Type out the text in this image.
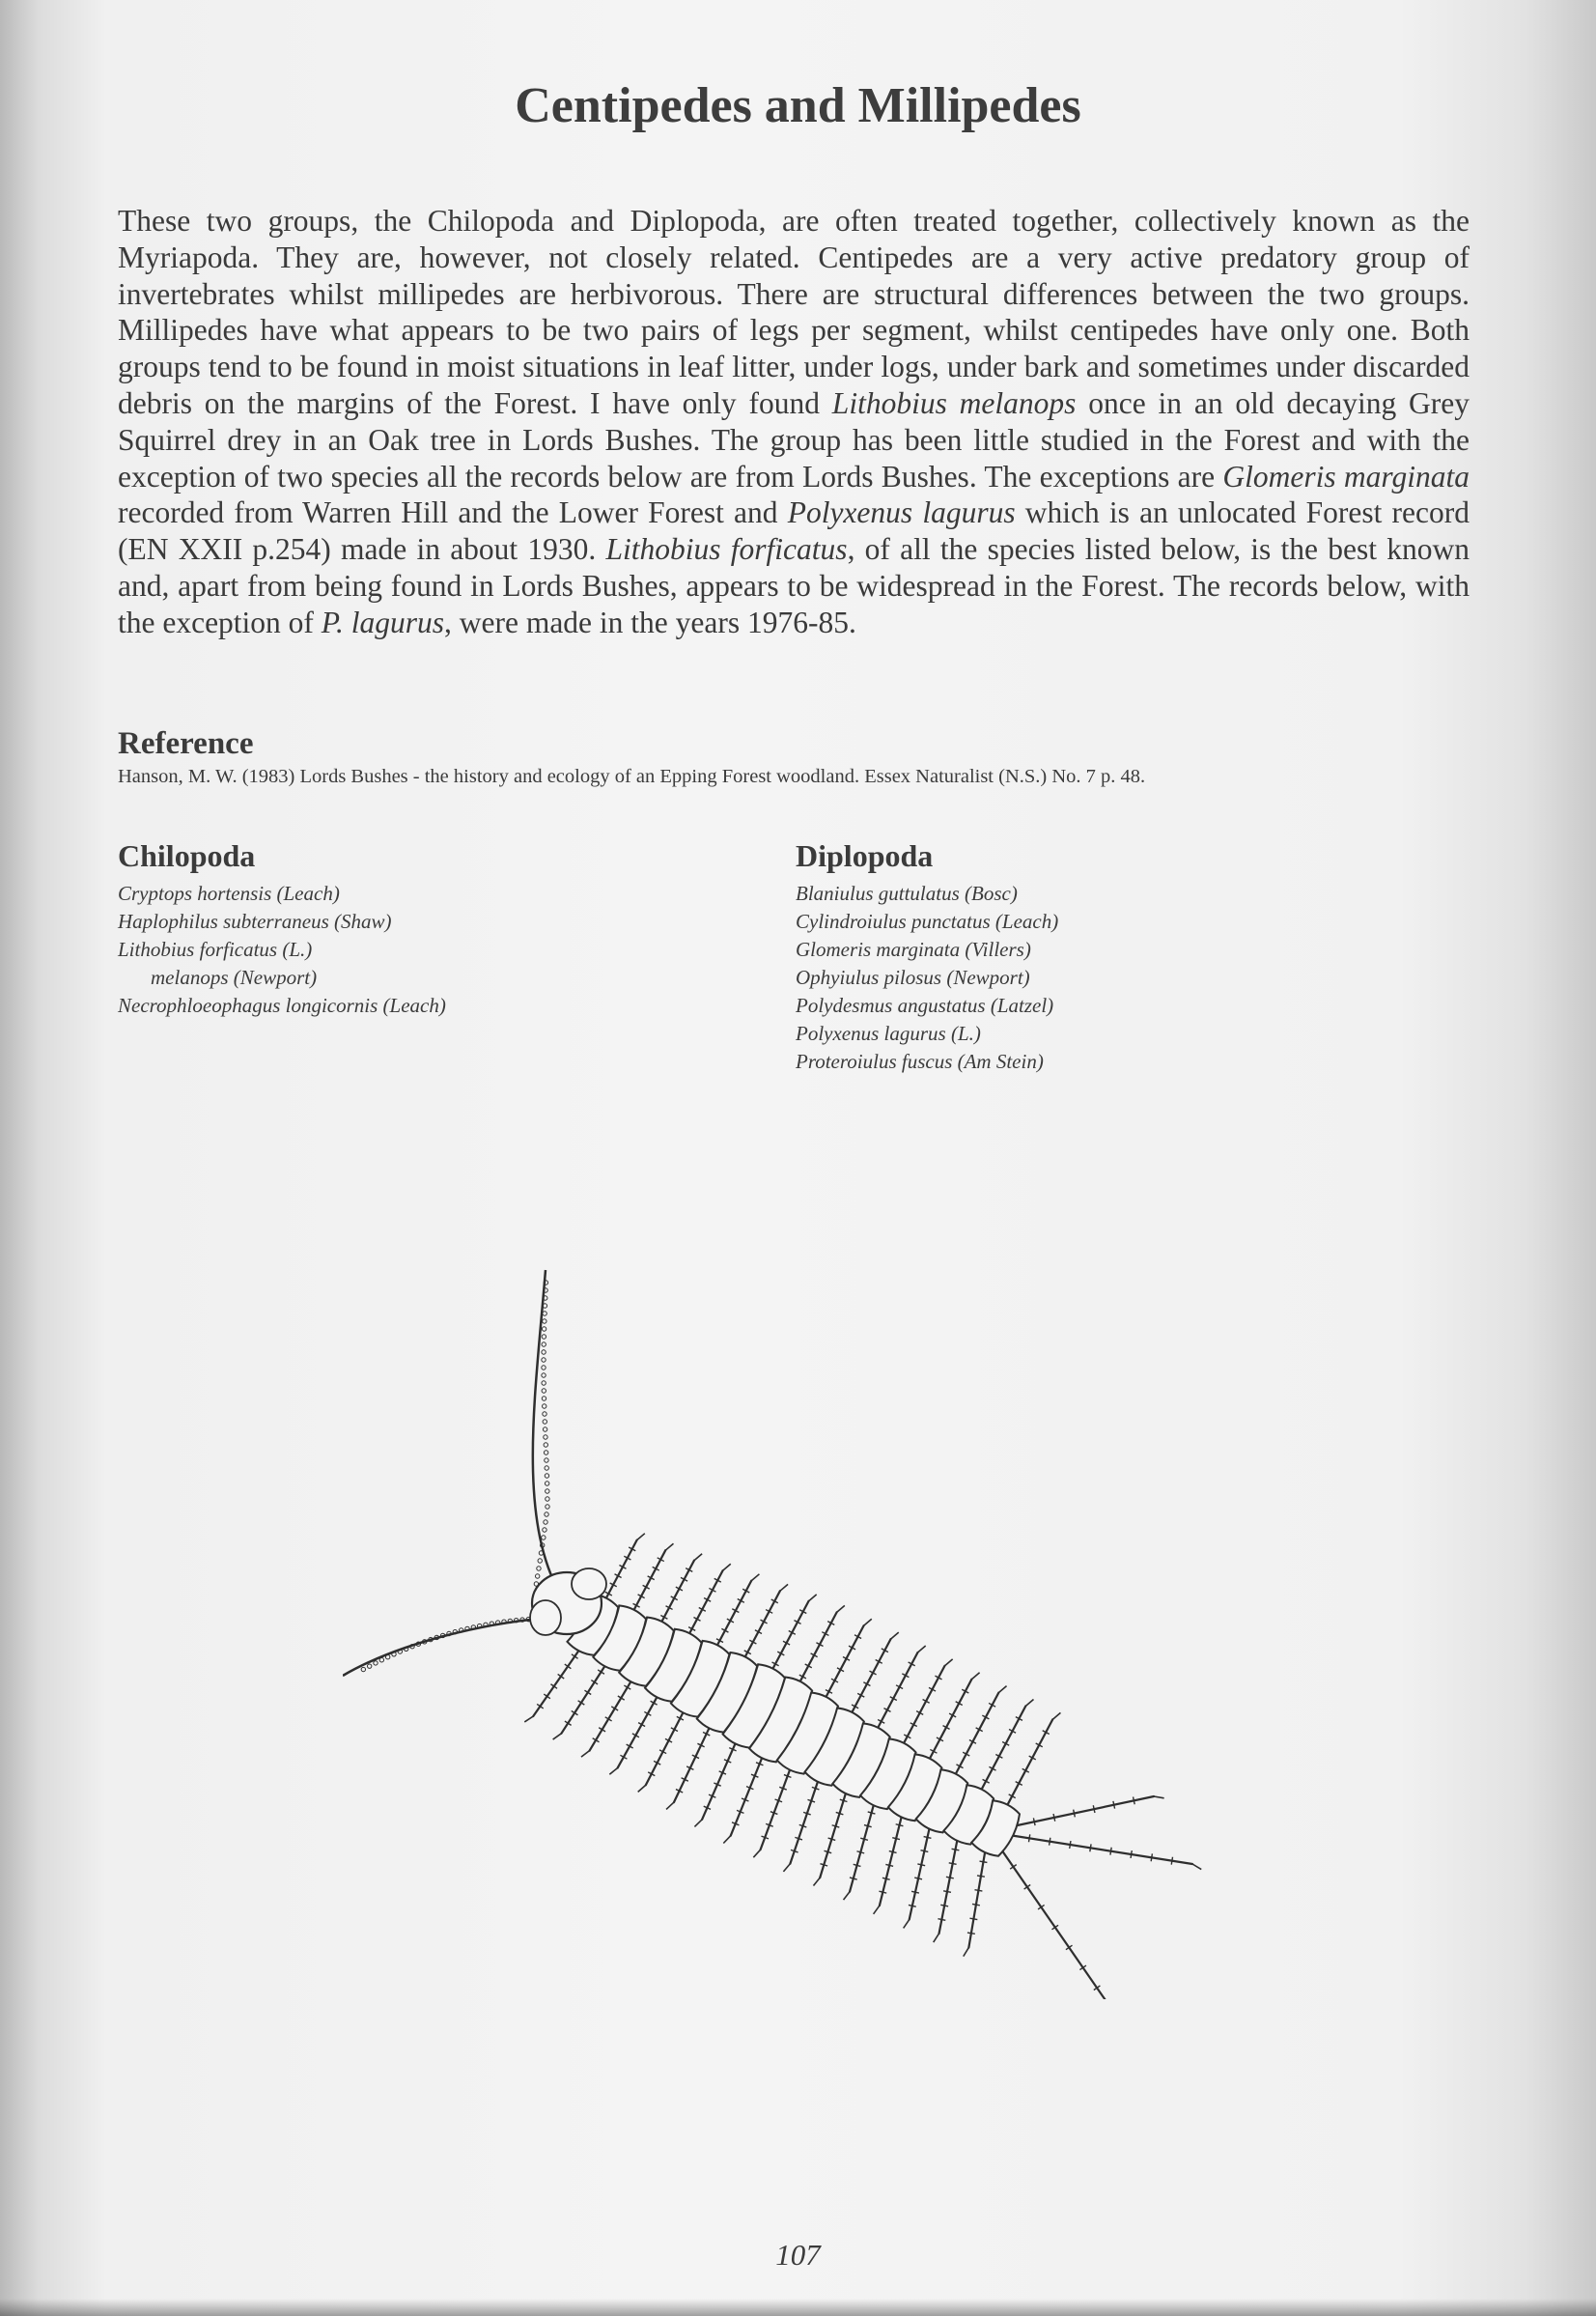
Centipedes and Millipedes

These two groups, the Chilopoda and Diplopoda, are often treated together, collectively known as the Myriapoda. They are, however, not closely related. Centipedes are a very active predatory group of invertebrates whilst millipedes are herbivorous. There are structural differences between the two groups. Millipedes have what appears to be two pairs of legs per segment, whilst centipedes have only one. Both groups tend to be found in moist situations in leaf litter, under logs, under bark and sometimes under discarded debris on the margins of the Forest. I have only found Lithobius melanops once in an old decaying Grey Squirrel drey in an Oak tree in Lords Bushes. The group has been little studied in the Forest and with the exception of two species all the records below are from Lords Bushes. The exceptions are Glomeris marginata recorded from Warren Hill and the Lower Forest and Polyxenus lagurus which is an unlocated Forest record (EN XXII p.254) made in about 1930. Lithobius forficatus, of all the species listed below, is the best known and, apart from being found in Lords Bushes, appears to be widespread in the Forest. The records below, with the exception of P. lagurus, were made in the years 1976-85.

Reference
Hanson, M. W. (1983) Lords Bushes - the history and ecology of an Epping Forest woodland. Essex Naturalist (N.S.) No. 7 p. 48.
Chilopoda
Cryptops hortensis (Leach)
Haplophilus subterraneus (Shaw)
Lithobius forficatus (L.)
melanops (Newport)
Necrophloeophagus longicornis (Leach)
Diplopoda
Blaniulus guttulatus (Bosc)
Cylindroiulus punctatus (Leach)
Glomeris marginata (Villers)
Ophyiulus pilosus (Newport)
Polydesmus angustatus (Latzel)
Polyxenus lagurus (L.)
Proteroiulus fuscus (Am Stein)
107
